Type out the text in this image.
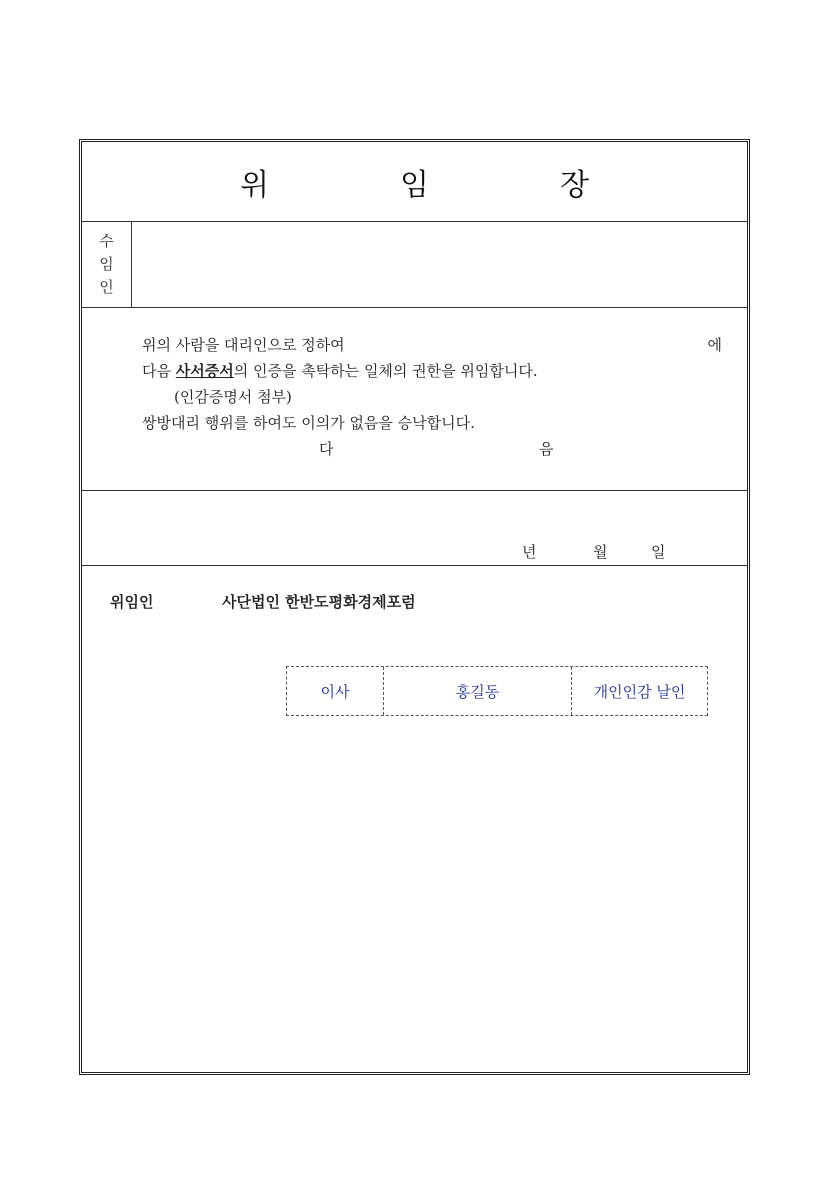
위	임	장
수
임
인
위의 사람을 대리인으로 정하여	에
다음 사서증서의 인증을 촉탁하는 일체의 권한을 위임합니다.
(인감증명서 첨부)
쌍방대리 행위를 하여도 이의가 없음을 승낙합니다.
다	음
년	월	일
위임인	사단법인 한반도평화경제포럼
이사	홍길동	개인인감 날인
